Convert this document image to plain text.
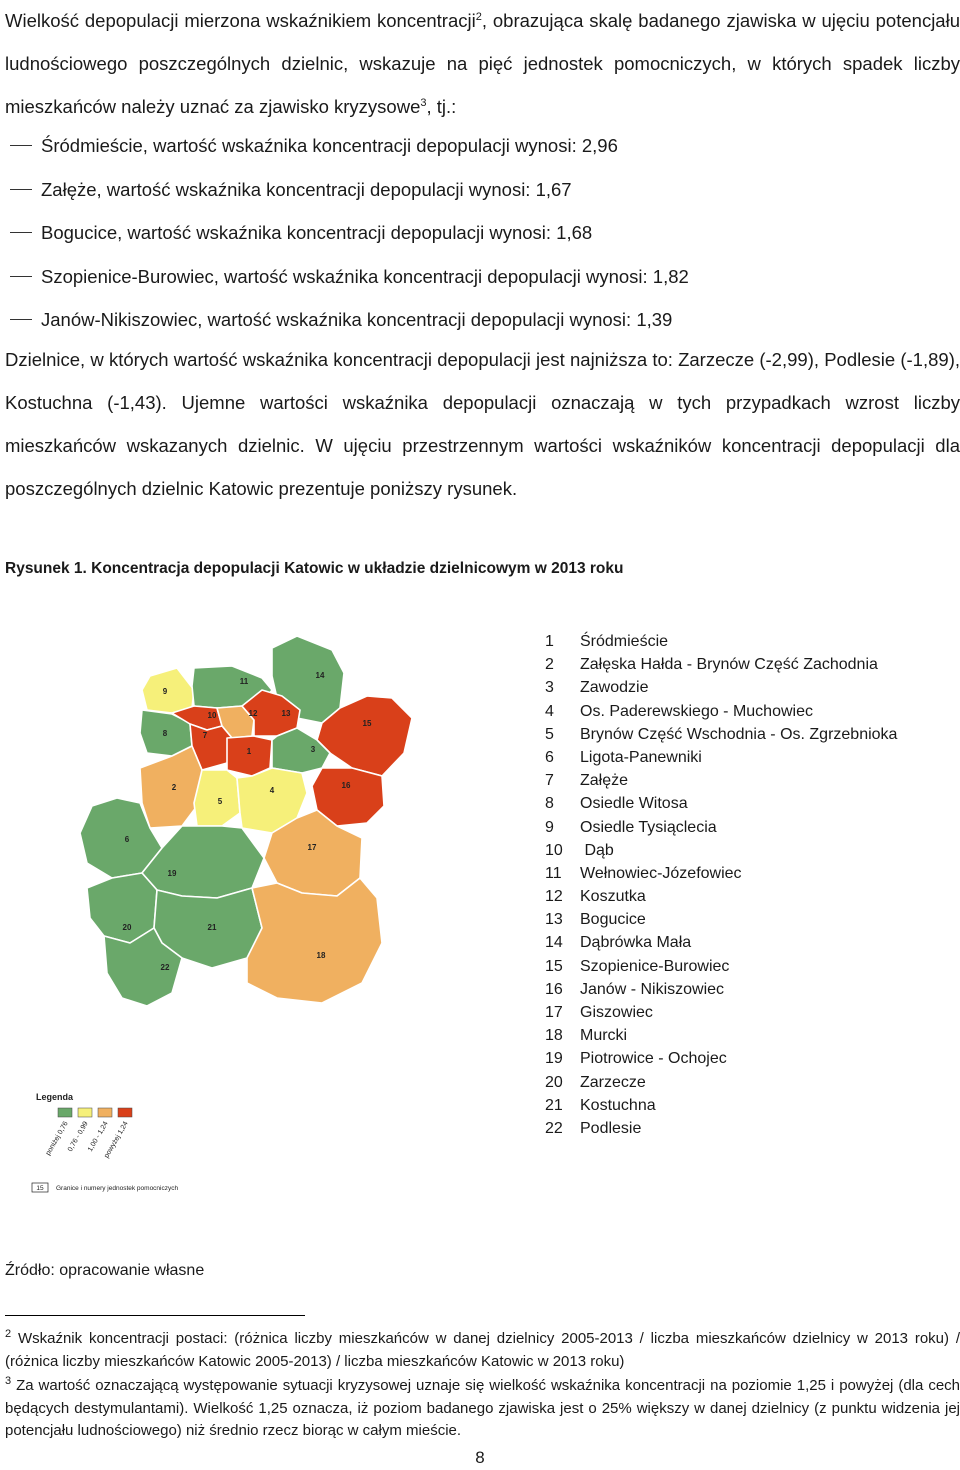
Wielkość depopulacji mierzona wskaźnikiem koncentracji$^2$, obrazująca skalę badanego zjawiska w ujęciu potencjału ludnościowego poszczególnych dzielnic, wskazuje na pięć jednostek pomocniczych, w których spadek liczby mieszkańców należy uznać za zjawisko kryzysowe$^3$, tj.:
Śródmieście, wartość wskaźnika koncentracji depopulacji wynosi: 2,96
Załęże, wartość wskaźnika koncentracji depopulacji wynosi: 1,67
Bogucice, wartość wskaźnika koncentracji depopulacji wynosi: 1,68
Szopienice-Burowiec, wartość wskaźnika koncentracji depopulacji wynosi: 1,82
Janów-Nikiszowiec, wartość wskaźnika koncentracji depopulacji wynosi: 1,39
Dzielnice, w których wartość wskaźnika koncentracji depopulacji jest najniższa to: Zarzecze (-2,99), Podlesie (-1,89), Kostuchna (-1,43). Ujemne wartości wskaźnika depopulacji oznaczają w tych przypadkach wzrost liczby mieszkańców wskazanych dzielnic. W ujęciu przestrzennym wartości wskaźników koncentracji depopulacji dla poszczególnych dzielnic Katowic prezentuje poniższy rysunek.
Rysunek 1. Koncentracja depopulacji Katowic w układzie dzielnicowym w 2013 roku
9
11
14
8
10	12	13
15
7
1	3
16
2
5
4
6
17
19
20	21
22
18
Legenda
poniżej 0,76
0,76 - 0,99
1,00 - 1,24
powyżej 1,24
15 Granice i numery jednostek pomocniczych
1 Śródmieście
2 Załęska Hałda - Brynów Część Zachodnia
3 Zawodzie
4 Os. Paderewskiego - Muchowiec
5 Brynów Część Wschodnia - Os. Zgrzebnioka
6 Ligota-Panewniki
7 Załęże
8 Osiedle Witosa
9 Osiedle Tysiąclecia
10 Dąb
11 Wełnowiec-Józefowiec
12 Koszutka
13 Bogucice
14 Dąbrówka Mała
15 Szopienice-Burowiec
16 Janów - Nikiszowiec
17 Giszowiec
18 Murcki
19 Piotrowice - Ochojec
20 Zarzecze
21 Kostuchna
22 Podlesie
Źródło: opracowanie własne
$^2$ Wskaźnik koncentracji postaci: (różnica liczby mieszkańców w danej dzielnicy 2005-2013 / liczba mieszkańców dzielnicy w 2013 roku) / (różnica liczby mieszkańców Katowic 2005-2013) / liczba mieszkańców Katowic w 2013 roku)
$^3$ Za wartość oznaczającą występowanie sytuacji kryzysowej uznaje się wielkość wskaźnika koncentracji na poziomie 1,25 i powyżej (dla cech będących destymulantami). Wielkość 1,25 oznacza, iż poziom badanego zjawiska jest o 25% większy w danej dzielnicy (z punktu widzenia jej potencjału ludnościowego) niż średnio rzecz biorąc w całym mieście.
8
